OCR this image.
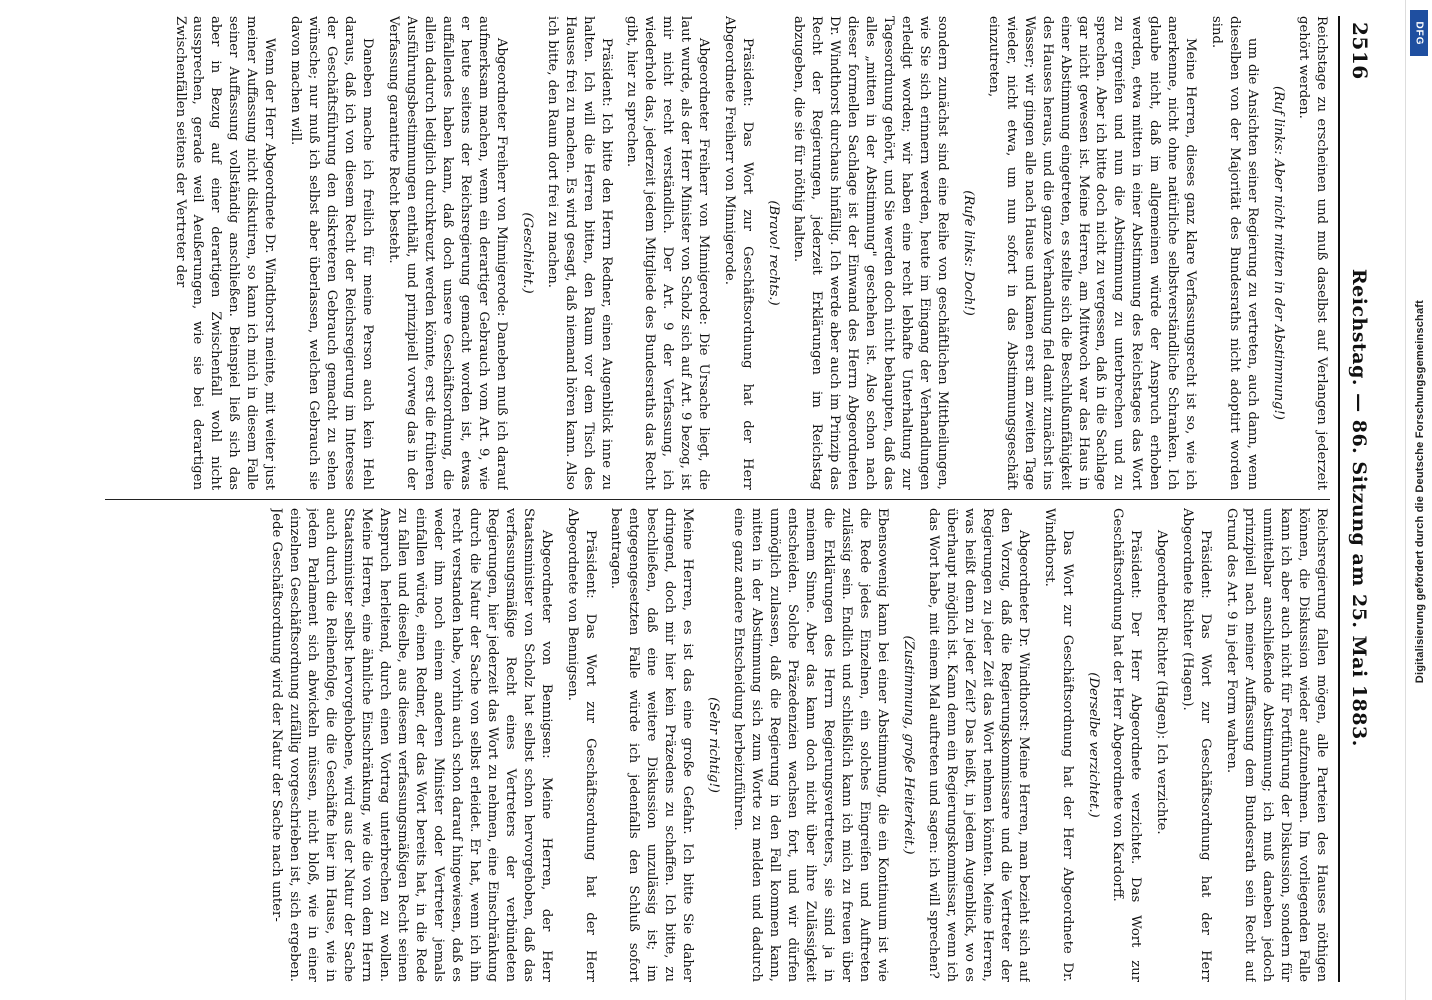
2516
Reichstag. — 86. Sitzung am 25. Mai 1883.

Reichstage zu erscheinen und muß daselbst auf Verlangen jederzeit gehört werden.

(Ruf links: Aber nicht mitten in der Abstimmung!)

um die Ansichten seiner Regierung zu vertreten, auch dann, wenn dieselben von der Majorität des Bundesraths nicht adoptirt worden sind.

Meine Herren, dieses ganz klare Verfassungsrecht ist so, wie ich anerkenne, nicht ohne natürliche selbstverständliche Schranken. Ich glaube nicht, daß im allgemeinen würde der Anspruch erhoben werden, etwa mitten in einer Abstimmung des Reichstages das Wort zu ergreifen und nun die Abstimmung zu unterbrechen und zu sprechen. Aber ich bitte doch nicht zu vergessen, daß in die Sachlage gar nicht gewesen ist. Meine Herren, am Mittwoch war das Haus in einer Abstimmung eingetreten, es stellte sich die Beschlußunfähigkeit des Hauses heraus, und die ganze Verhandlung fiel damit zunächst ins Wasser; wir gingen alle nach Hause und kamen erst am zweiten Tage wieder, nicht etwa, um nun sofort in das Abstimmungsgeschäft einzutreten,

(Rufe links: Doch!)

sondern zunächst sind eine Reihe von geschäftlichen Mittheilungen, wie Sie sich erinnern werden, heute im Eingang der Verhandlungen erledigt worden; wir haben eine recht lebhafte Unterhaltung zur Tagesordnung gehört, und Sie werden doch nicht behaupten, daß das alles „mitten in der Abstimmung" geschehen ist. Also schon nach dieser formellen Sachlage ist der Einwand des Herrn Abgeordneten Dr. Windthorst durchaus hinfällig. Ich werde aber auch im Prinzip das Recht der Regierungen, jederzeit Erklärungen im Reichstag abzugeben, die sie für nöthig halten.

(Bravo! rechts.)

Präsident: Das Wort zur Geschäftsordnung hat der Herr Abgeordnete Freiherr von Minnigerode.

Abgeordneter Freiherr von Minnigerode: Die Ursache liegt, die laut wurde, als der Herr Minister von Scholz sich auf Art. 9 bezog, ist mir nicht recht verständlich. Der Art. 9 der Verfassung, ich wiederhole das, jederzeit jedem Mitgliede des Bundesraths das Recht gibt, hier zu sprechen.

Präsident: Ich bitte den Herrn Redner, einen Augenblick inne zu halten. Ich will die Herren bitten, den Raum vor dem Tisch des Hauses frei zu machen. Es wird gesagt, daß niemand hören kann. Also ich bitte, den Raum dort frei zu machen.

(Geschieht.)

Abgeordneter Freiherr von Minnigerode: Daneben muß ich darauf aufmerksam machen, wenn ein derartiger Gebrauch vom Art. 9, wie er heute seitens der Reichsregierung gemacht worden ist, etwas auffallendes haben kann, daß doch unsere Geschäftsordnung, die allein dadurch lediglich durchkreuzt werden könnte, erst die früheren Ausführungsbestimmungen enthält, und prinzipiell vorweg das in der Verfassung garantirte Recht besteht.

Daneben mache ich freilich für meine Person auch kein Hehl daraus, daß ich von diesem Recht der Reichsregierung im Interesse der Geschäftsführung den diskreteren Gebrauch gemacht zu sehen wünsche; nur muß ich selbst aber überlassen, welchen Gebrauch sie davon machen will.

Wenn der Herr Abgeordnete Dr. Windthorst meinte, mit weiter just meiner Auffassung nicht diskutiren, so kann ich mich in diesem Falle seiner Auffassung vollständig anschließen. Beinspiel ließ sich das aber in Bezug auf einer derartigen Zwischenfall wohl nicht aussprechen, gerade weil Aeußerungen, wie sie bei derartigen Zwischenfällen seitens der Vertreter der

Reichsregierung fallen mögen, alle Parteien des Hauses nöthigen können, die Diskussion wieder aufzunehmen. Im vorliegenden Falle kann ich aber auch nicht für Fortführung der Diskussion, sondern für unmittelbar anschließende Abstimmung; ich muß daneben jedoch prinzipiell nach meiner Auffassung dem Bundesrath sein Recht auf Grund des Art. 9 in jeder Form wahren.

Präsident: Das Wort zur Geschäftsordnung hat der Herr Abgeordnete Richter (Hagen).

Abgeordneter Richter (Hagen): Ich verzichte.

Präsident: Der Herr Abgeordnete verzichtet. Das Wort zur Geschäftsordnung hat der Herr Abgeordnete von Kardorff.

(Derselbe verzichtet.)

Das Wort zur Geschäftsordnung hat der Herr Abgeordnete Dr. Windthorst.

Abgeordneter Dr. Windthorst: Meine Herren, man bezieht sich auf den Vorzug, daß die Regierungskommissare und die Vertreter der Regierungen zu jeder Zeit das Wort nehmen könnten. Meine Herren, was heißt denn zu jeder Zeit? Das heißt, in jedem Augenblick, wo es überhaupt möglich ist. Kann denn ein Regierungskommissar, wenn ich das Wort habe, mit einem Mal auftreten und sagen: ich will sprechen?

(Zustimmung, große Heiterkeit.)

Ebensowenig kann bei einer Abstimmung, die ein Kontinuum ist wie die Rede jedes Einzelnen, ein solches Eingreifen und Auftreten zulässig sein. Endlich und schließlich kann ich mich zu freuen über die Erklärungen des Herrn Regierungsvertreters, sie sind ja in meinem Sinne. Aber das kann doch nicht über ihre Zulässigkeit entscheiden. Solche Präzedenzien wachsen fort, und wir dürfen unmöglich zulassen, daß die Regierung in den Fall kommen kann, mitten in der Abstimmung sich zum Worte zu melden und dadurch eine ganz andere Entscheidung herbeizuführen.

(Sehr richtig!)

Meine Herren, es ist das eine große Gefahr. Ich bitte Sie daher dringend, doch mir hier kein Präzedens zu schaffen. Ich bitte, zu beschließen, daß eine weitere Diskussion unzulässig ist; im entgegengesetzten Falle würde ich jedenfalls den Schluß sofort beantragen.

Präsident: Das Wort zur Geschäftsordnung hat der Herr Abgeordnete von Bennigsen.

Abgeordneter von Bennigsen: Meine Herren, der Herr Staatsminister von Scholz hat selbst schon hervorgehoben, daß das verfassungsmäßige Recht eines Vertreters der verbündeten Regierungen, hier jederzeit das Wort zu nehmen, eine Einschränkung durch die Natur der Sache von selbst erleidet. Er hat, wenn ich ihn recht verstanden habe, vorhin auch schon darauf hingewiesen, daß es weder ihm noch einem anderen Minister oder Vertreter jemals einfallen würde, einen Redner, der das Wort bereits hat, in die Rede zu fallen und dieselbe, aus diesem verfassungsmäßigen Recht seinen Anspruch herleitend, durch einen Vortrag unterbrechen zu wollen. Meine Herren, eine ähnliche Einschränkung, wie die von dem Herrn Staatsminister selbst hervorgehobene, wird aus der Natur der Sache auch durch die Reihenfolge, die die Geschäfte hier im Hause, wie in jedem Parlament sich abwickeln müssen, nicht bloß, wie in einer einzelnen Geschäftsordnung zufällig vorgeschrieben ist, sich ergeben. Jede Geschäftsordnung wird der Natur der Sache nach unter-

DFG
Digitalisierung gefördert durch die Deutsche Forschungsgemeinschaft
